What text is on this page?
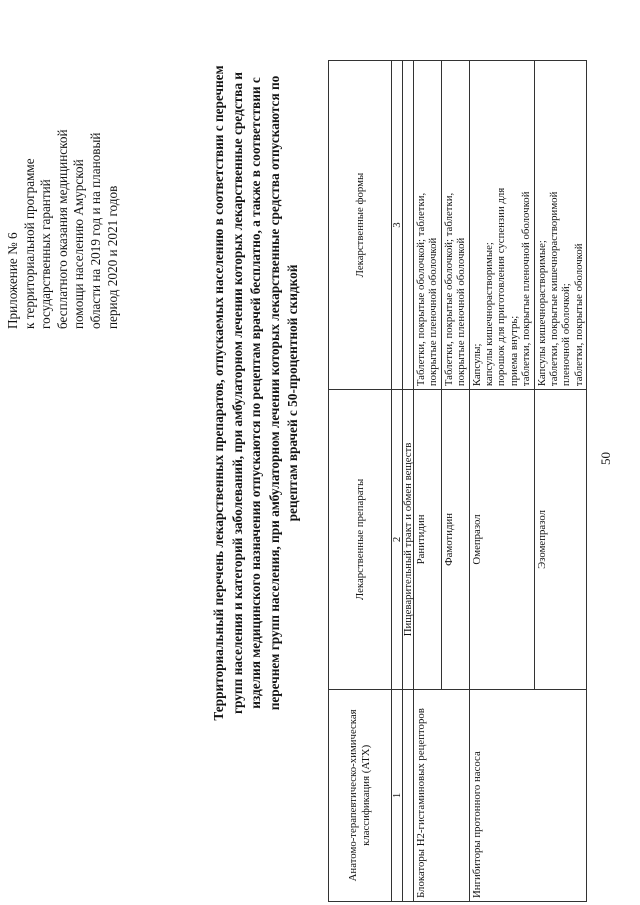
50
Приложение № 6 к территориальной программе государственных гарантий бесплатного оказания медицинской помощи населению Амурской области на 2019 год и на плановый период 2020 и 2021 годов	Территориальный перечень лекарственных препаратов, отпускаемых населению в соответствии с перечнем групп населения и категорий заболеваний, при амбулаторном лечении которых лекарственные средства и изделия медицинского назначения отпускаются по рецептам врачей бесплатно, а также в соответствии с перечнем групп населения, при амбулаторном лечении которых лекарственные средства отпускаются по рецептам врачей с 50-процентной скидкой
Анатомо-терапевтическо-химическая классификация (АТХ)	Лекарственные препараты	Лекарственные формы
1	2	3
	Пищеварительный тракт и обмен веществ	
Блокаторы H2-гистаминовых рецепторов	Ранитидин	Таблетки, покрытые оболочкой; таблетки, покрытые пленочной оболочкой

	Фамотидин	Таблетки, покрытые оболочкой; таблетки, покрытые пленочной оболочкой

Ингибиторы протонного насоса	Омепразол	Капсулы; капсулы кишечнорастворимые; порошок для приготовления суспензии для приема внутрь; таблетки, покрытые пленочной оболочкой

	Эзомепразол	Капсулы кишечнорастворимые; таблетки, покрытые кишечнорастворимой пленочной оболочкой; таблетки, покрытые оболочкой
